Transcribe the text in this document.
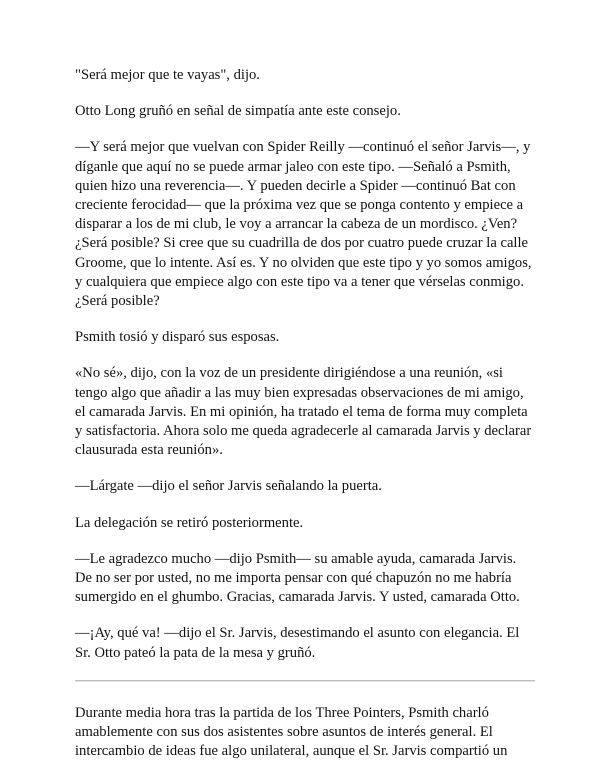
"Será mejor que te vayas", dijo.

Otto Long gruñó en señal de simpatía ante este consejo.

—Y será mejor que vuelvan con Spider Reilly —continuó el señor Jarvis—, y díganle que aquí no se puede armar jaleo con este tipo. —Señaló a Psmith, quien hizo una reverencia—. Y pueden decirle a Spider —continuó Bat con creciente ferocidad— que la próxima vez que se ponga contento y empiece a disparar a los de mi club, le voy a arrancar la cabeza de un mordisco. ¿Ven? ¿Será posible? Si cree que su cuadrilla de dos por cuatro puede cruzar la calle Groome, que lo intente. Así es. Y no olviden que este tipo y yo somos amigos, y cualquiera que empiece algo con este tipo va a tener que vérselas conmigo. ¿Será posible?

Psmith tosió y disparó sus esposas.

«No sé», dijo, con la voz de un presidente dirigiéndose a una reunión, «si tengo algo que añadir a las muy bien expresadas observaciones de mi amigo, el camarada Jarvis. En mi opinión, ha tratado el tema de forma muy completa y satisfactoria. Ahora solo me queda agradecerle al camarada Jarvis y declarar clausurada esta reunión».

—Lárgate —dijo el señor Jarvis señalando la puerta.

La delegación se retiró posteriormente.

—Le agradezco mucho —dijo Psmith— su amable ayuda, camarada Jarvis. De no ser por usted, no me importa pensar con qué chapuzón no me habría sumergido en el ghumbo. Gracias, camarada Jarvis. Y usted, camarada Otto.

—¡Ay, qué va! —dijo el Sr. Jarvis, desestimando el asunto con elegancia. El Sr. Otto pateó la pata de la mesa y gruñó.

Durante media hora tras la partida de los Three Pointers, Psmith charló amablemente con sus dos asistentes sobre asuntos de interés general. El intercambio de ideas fue algo unilateral, aunque el Sr. Jarvis compartió un
